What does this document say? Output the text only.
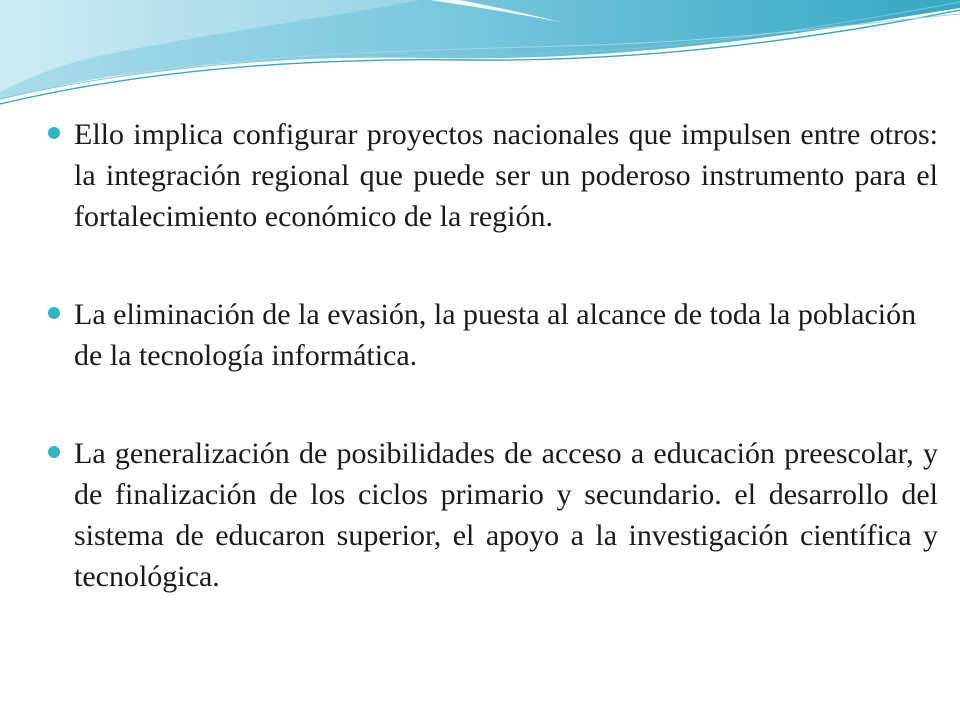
Ello implica configurar proyectos nacionales que impulsen entre otros: la integración regional que puede ser un poderoso instrumento para el fortalecimiento económico de la región.
La eliminación de la evasión, la puesta al alcance de toda la población de la tecnología informática.
La generalización de posibilidades de acceso a educación preescolar, y de finalización de los ciclos primario y secundario. el desarrollo del sistema de educaron superior, el apoyo a la investigación científica y tecnológica.
